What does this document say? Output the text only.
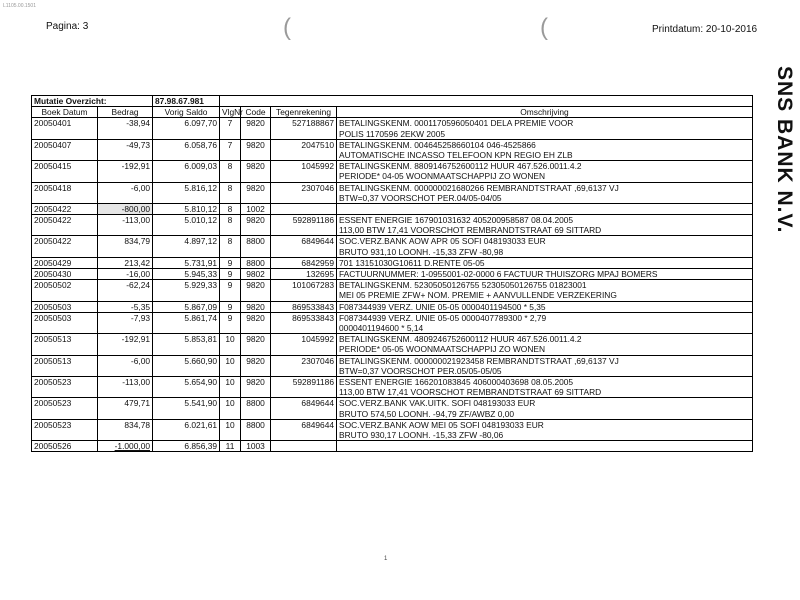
L1105.00.1501
Pagina: 3	Printdatum: 20-10-2016
SNS BANK N.V.
(	(
1
Mutatie Overzicht:		87.98.67.981				
Boek Datum	Bedrag	Vorig Saldo	VlgNr	Code	Tegenrekening	Omschrijving
20050401	-38,94	6.097,70	7	9820	527188867	BETALINGSKENM. 0001170596050401 DELA PREMIE VOOR
POLIS 1170596 2EKW 2005

20050407	-49,73	6.058,76	7	9820	2047510	BETALINGSKENM. 004645258660104 046-4525866
AUTOMATISCHE INCASSO TELEFOON KPN REGIO EH ZLB

20050415	-192,91	6.009,03	8	9820	1045992	BETALINGSKENM. 8809146752600112 HUUR 467.526.0011.4.2
PERIODE* 04-05 WOONMAATSCHAPPIJ ZO WONEN

20050418	-6,00	5.816,12	8	9820	2307046	BETALINGSKENM. 000000021680266 REMBRANDTSTRAAT ,69,6137 VJ
BTW=0,37 VOORSCHOT PER.04/05-04/05

20050422	-800,00	5.810,12	8	1002		

20050422	-113,00	5.010,12	8	9820	592891186	ESSENT ENERGIE 167901031632 405200958587 08.04.2005
113,00 BTW 17,41 VOORSCHOT REMBRANDTSTRAAT 69 SITTARD

20050422	834,79	4.897,12	8	8800	6849644	SOC.VERZ.BANK AOW APR 05 SOFI 048193033 EUR
BRUTO 931,10 LOONH. -15,33 ZFW -80,98

20050429	213,42	5.731,91	9	8800	6842959	701 13151030G10611 D.RENTE 05-05

20050430	-16,00	5.945,33	9	9802	132695	FACTUURNUMMER: 1-0955001-02-0000 6 FACTUUR THUISZORG MPAJ BOMERS

20050502	-62,24	5.929,33	9	9820	101067283	BETALINGSKENM. 52305050126755 52305050126755 01823001
MEI 05 PREMIE ZFW+ NOM. PREMIE + AANVULLENDE VERZEKERING

20050503	-5,35	5.867,09	9	9820	869533843	F087344939 VERZ. UNIE 05-05 0000401194500 * 5,35

20050503	-7,93	5.861,74	9	9820	869533843	F087344939 VERZ. UNIE 05-05 0000407789300 * 2,79
0000401194600 * 5,14

20050513	-192,91	5.853,81	10	9820	1045992	BETALINGSKENM. 4809246752600112 HUUR 467.526.0011.4.2
PERIODE* 05-05 WOONMAATSCHAPPIJ ZO WONEN

20050513	-6,00	5.660,90	10	9820	2307046	BETALINGSKENM. 000000021923458 REMBRANDTSTRAAT ,69,6137 VJ
BTW=0,37 VOORSCHOT PER.05/05-05/05

20050523	-113,00	5.654,90	10	9820	592891186	ESSENT ENERGIE 166201083845 406000403698 08.05.2005
113,00 BTW 17,41 VOORSCHOT REMBRANDTSTRAAT 69 SITTARD

20050523	479,71	5.541,90	10	8800	6849644	SOC.VERZ.BANK VAK.UITK. SOFI 048193033 EUR
BRUTO 574,50 LOONH. -94,79 ZF/AWBZ 0,00

20050523	834,78	6.021,61	10	8800	6849644	SOC.VERZ.BANK AOW MEI 05 SOFI 048193033 EUR
BRUTO 930,17 LOONH. -15,33 ZFW -80,06

20050526	-1.000,00	6.856,39	11	1003		
